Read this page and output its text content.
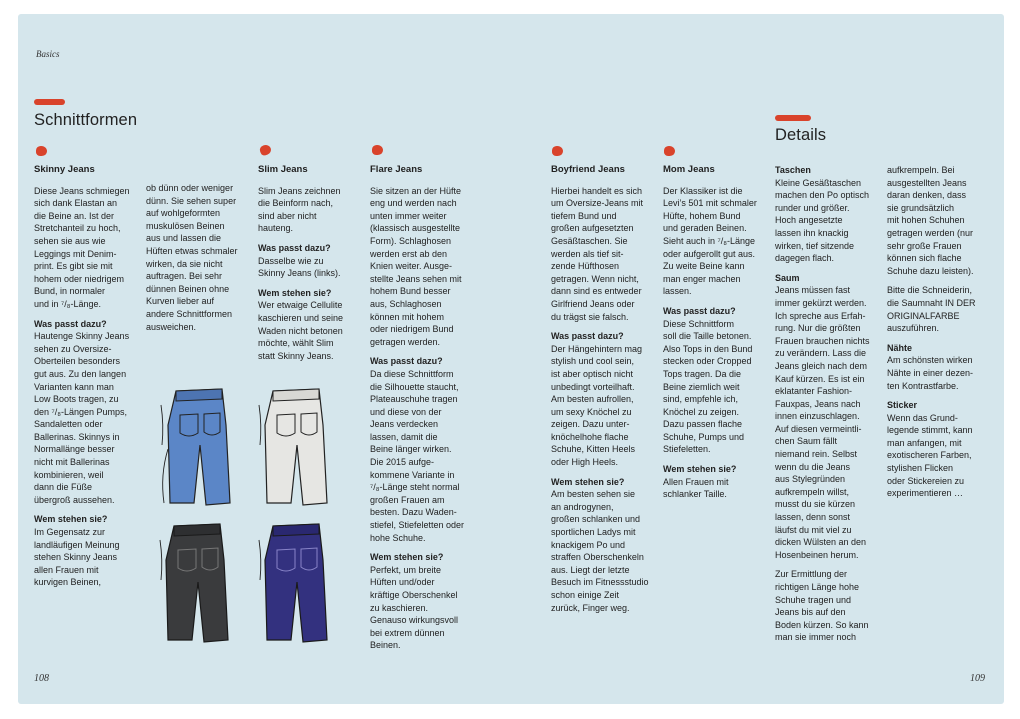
Basics
Schnittformen
Details

Skinny Jeans

Diese Jeans schmiegen
sich dank Elastan an
die Beine an. Ist der
Stretchanteil zu hoch,
sehen sie aus wie
Leggings mit Denim-
print. Es gibt sie mit
hohem oder niedrigem
Bund, in normaler
und in ⁷/₈-Länge.

Was passt dazu?

Hautenge Skinny Jeans
sehen zu Oversize-
Oberteilen besonders
gut aus. Zu den langen
Varianten kann man
Low Boots tragen, zu
den ⁷/₈-Längen Pumps,
Sandaletten oder
Ballerinas. Skinnys in
Normallänge besser
nicht mit Ballerinas
kombinieren, weil
dann die Füße
übergroß aussehen.

Wem stehen sie?

Im Gegensatz zur
landläufigen Meinung
stehen Skinny Jeans
allen Frauen mit
kurvigen Beinen,

ob dünn oder weniger
dünn. Sie sehen super
auf wohlgeformten
muskulösen Beinen
aus und lassen die
Hüften etwas schmaler
wirken, da sie nicht
auftragen. Bei sehr
dünnen Beinen ohne
Kurven lieber auf
andere Schnittformen
ausweichen.

Slim Jeans

Slim Jeans zeichnen
die Beinform nach,
sind aber nicht
hauteng.

Was passt dazu?

Dasselbe wie zu
Skinny Jeans (links).

Wem stehen sie?

Wer etwaige Cellulite
kaschieren und seine
Waden nicht betonen
möchte, wählt Slim
statt Skinny Jeans.

Flare Jeans

Sie sitzen an der Hüfte
eng und werden nach
unten immer weiter
(klassisch ausgestellte
Form). Schlaghosen
werden erst ab den
Knien weiter. Ausge-
stellte Jeans sehen mit
hohem Bund besser
aus, Schlaghosen
können mit hohem
oder niedrigem Bund
getragen werden.

Was passt dazu?

Da diese Schnittform
die Silhouette staucht,
Plateauschuhe tragen
und diese von der
Jeans verdecken
lassen, damit die
Beine länger wirken.
Die 2015 aufge-
kommene Variante in
⁷/₈-Länge steht normal
großen Frauen am
besten. Dazu Waden-
stiefel, Stiefeletten oder
hohe Schuhe.

Wem stehen sie?

Perfekt, um breite
Hüften und/oder
kräftige Oberschenkel
zu kaschieren.
Genauso wirkungsvoll
bei extrem dünnen
Beinen.

Boyfriend Jeans

Hierbei handelt es sich
um Oversize-Jeans mit
tiefem Bund und
großen aufgesetzten
Gesäßtaschen. Sie
werden als tief sit-
zende Hüfthosen
getragen. Wenn nicht,
dann sind es entweder
Girlfriend Jeans oder
du trägst sie falsch.

Was passt dazu?

Der Hängehintern mag
stylish und cool sein,
ist aber optisch nicht
unbedingt vorteilhaft.
Am besten aufrollen,
um sexy Knöchel zu
zeigen. Dazu unter-
knöchelhohe flache
Schuhe, Kitten Heels
oder High Heels.

Wem stehen sie?

Am besten sehen sie
an androgynen,
großen schlanken und
sportlichen Ladys mit
knackigem Po und
straffen Oberschenkeln
aus. Liegt der letzte
Besuch im Fitnessstudio
schon einige Zeit
zurück, Finger weg.

Mom Jeans

Der Klassiker ist die
Levi’s 501 mit schmaler
Hüfte, hohem Bund
und geraden Beinen.
Sieht auch in ⁷/₈-Länge
oder aufgerollt gut aus.
Zu weite Beine kann
man enger machen
lassen.

Was passt dazu?

Diese Schnittform
soll die Taille betonen.
Also Tops in den Bund
stecken oder Cropped
Tops tragen. Da die
Beine ziemlich weit
sind, empfehle ich,
Knöchel zu zeigen.
Dazu passen flache
Schuhe, Pumps und
Stiefeletten.

Wem stehen sie?

Allen Frauen mit
schlanker Taille.

Taschen

Kleine Gesäßtaschen
machen den Po optisch
runder und größer.
Hoch angesetzte
lassen ihn knackig
wirken, tief sitzende
dagegen flach.

Saum

Jeans müssen fast
immer gekürzt werden.
Ich spreche aus Erfah-
rung. Nur die größten
Frauen brauchen nichts
zu verändern. Lass die
Jeans gleich nach dem
Kauf kürzen. Es ist ein
eklatanter Fashion-
Fauxpas, Jeans nach
innen einzuschlagen.
Auf diesen vermeintli-
chen Saum fällt
niemand rein. Selbst
wenn du die Jeans
aus Stylegründen
aufkrempeln willst,
musst du sie kürzen
lassen, denn sonst
läufst du mit viel zu
dicken Wülsten an den
Hosenbeinen herum.

Zur Ermittlung der
richtigen Länge hohe
Schuhe tragen und
Jeans bis auf den
Boden kürzen. So kann
man sie immer noch

aufkrempeln. Bei
ausgestellten Jeans
daran denken, dass
sie grundsätzlich
mit hohen Schuhen
getragen werden (nur
sehr große Frauen
können sich flache
Schuhe dazu leisten).

Bitte die Schneiderin,
die Saumnaht IN DER
ORIGINALFARBE
auszuführen.

Nähte

Am schönsten wirken
Nähte in einer dezen-
ten Kontrastfarbe.

Sticker

Wenn das Grund-
legende stimmt, kann
man anfangen, mit
exotischeren Farben,
stylishen Flicken
oder Stickereien zu
experimentieren …

108	109
